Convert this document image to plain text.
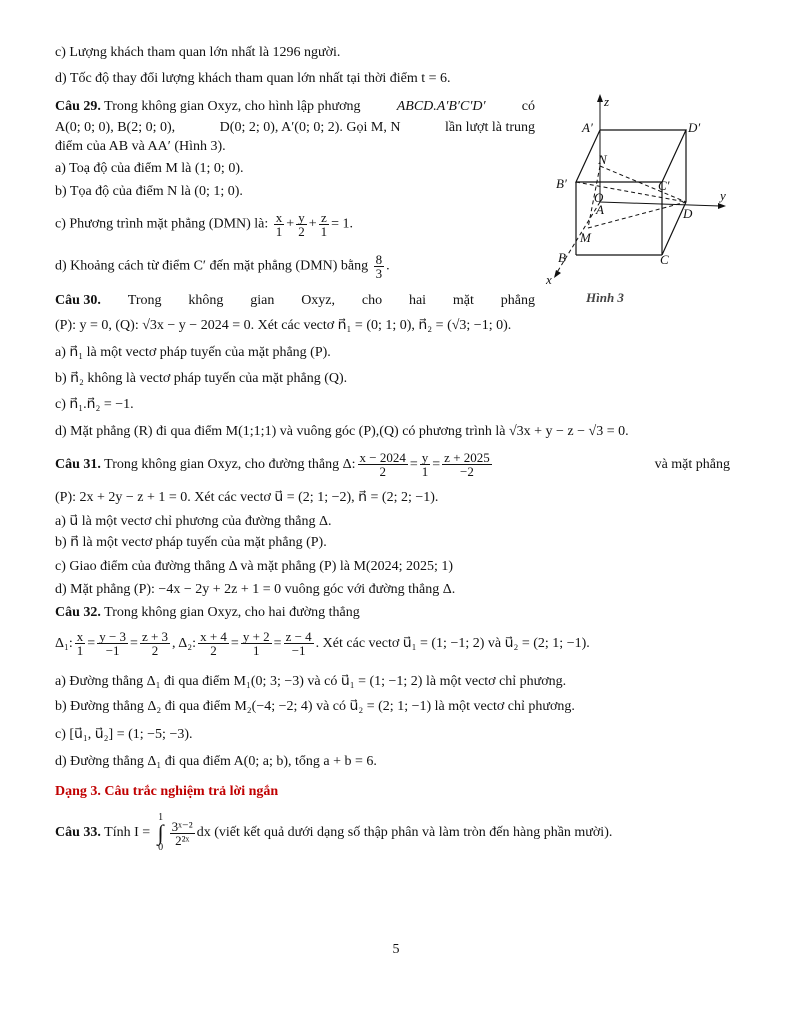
c) Lượng khách tham quan lớn nhất là 1296 người.
d) Tốc độ thay đổi lượng khách tham quan lớn nhất tại thời điểm t = 6.
Câu 29. Trong không gian Oxyz, cho hình lập phương	ABCD.A′B′C′D′	có
A(0; 0; 0), B(2; 0; 0),	D(0; 2; 0), A′(0; 0; 2). Gọi M, N	lần lượt là trung
điểm của AB và AA′ (Hình 3).
a) Toạ độ của điểm M là (1; 0; 0).
b) Tọa độ của điểm N là (0; 1; 0).
c) Phương trình mặt phẳng (DMN) là: $\frac{x}{1} + \frac{y}{2} + \frac{z}{1} = 1$.
d) Khoảng cách từ điểm C′ đến mặt phẳng (DMN) bằng $\frac{8}{3}$ .
z
y
x
A′	D′
N
B′	C′
O
A	D
M
B	C
Hình 3
Câu 30. Trong không gian Oxyz, cho hai mặt phẳng
(P): y = 0, (Q): √3x − y − 2024 = 0. Xét các vectơ n⃗₁ = (0; 1; 0), n⃗₂ = (√3; −1; 0).
a) n⃗₁ là một vectơ pháp tuyến của mặt phẳng (P).
b) n⃗₂ không là vectơ pháp tuyến của mặt phẳng (Q).
c) n⃗₁.n⃗₂ = −1.
d) Mặt phẳng (R) đi qua điểm M(1;1;1) và vuông góc (P),(Q) có phương trình là √3x + y − z − √3 = 0.
Câu 31. Trong không gian Oxyz, cho đường thẳng Δ: $\frac{x - 2024}{2} = \frac{y}{1} = \frac{z + 2025}{-2}$	và mặt phẳng
(P): 2x + 2y − z + 1 = 0. Xét các vectơ u⃗ = (2; 1; −2), n⃗ = (2; 2; −1).
a) u⃗ là một vectơ chỉ phương của đường thẳng Δ.
b) n⃗ là một vectơ pháp tuyến của mặt phẳng (P).
c) Giao điểm của đường thẳng Δ và mặt phẳng (P) là M(2024; 2025; 1)
d) Mặt phẳng (P): −4x − 2y + 2z + 1 = 0 vuông góc với đường thẳng Δ.
Câu 32. Trong không gian Oxyz, cho hai đường thẳng
Δ₁: $\frac{x}{1} = \frac{y - 3}{-1} = \frac{z + 3}{2}$ , Δ₂: $\frac{x + 4}{2} = \frac{y + 2}{1} = \frac{z - 4}{-1}$ . Xét các vectơ u⃗₁ = (1; −1; 2) và u⃗₂ = (2; 1; −1).
a) Đường thẳng Δ₁ đi qua điểm M₁(0; 3; −3) và có u⃗₁ = (1; −1; 2) là một vectơ chỉ phương.
b) Đường thẳng Δ₂ đi qua điểm M₂(−4; −2; 4) và có u⃗₂ = (2; 1; −1) là một vectơ chỉ phương.
c) [u⃗₁, u⃗₂] = (1; −5; −3).
d) Đường thẳng Δ₁ đi qua điểm A(0; a; b), tổng a + b = 6.
Dạng 3. Câu trắc nghiệm trả lời ngắn
Câu 33. Tính I =
1
∫
0
$\frac{\text{3ˣ⁻²}}{\text{2²ˣ}}$ dx (viết kết quả dưới dạng số thập phân và làm tròn đến hàng phần mười).
5
